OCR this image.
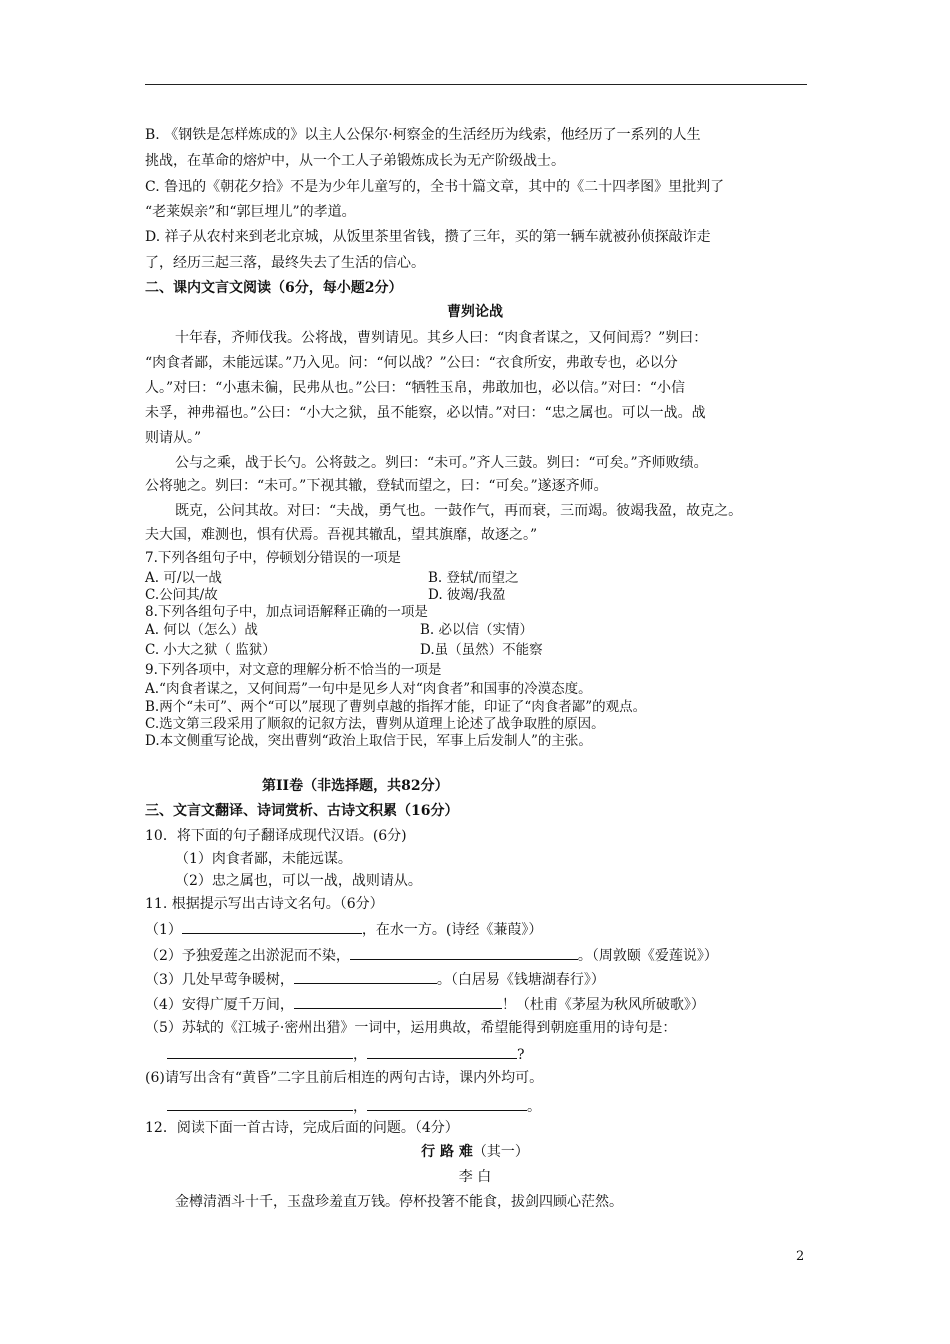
B. 《钢铁是怎样炼成的》以主人公保尔·柯察金的生活经历为线索，他经历了一系列的人生
挑战，在革命的熔炉中，从一个工人子弟锻炼成长为无产阶级战士。
C. 鲁迅的《朝花夕拾》不是为少年儿童写的，全书十篇文章，其中的《二十四孝图》里批判了
“老莱娱亲”和“郭巨埋儿”的孝道。
D. 祥子从农村来到老北京城，从饭里茶里省钱，攒了三年，买的第一辆车就被孙侦探敲诈走
了，经历三起三落，最终失去了生活的信心。
二、课内文言文阅读（6分，每小题2分）
曹刿论战
十年春，齐师伐我。公将战，曹刿请见。其乡人曰：“肉食者谋之，又何间焉？”刿曰：
“肉食者鄙，未能远谋。”乃入见。问：“何以战？”公曰：“衣食所安，弗敢专也，必以分
人。”对曰：“小惠未徧，民弗从也。”公曰：“牺牲玉帛，弗敢加也，必以信。”对曰：“小信
未孚，神弗福也。”公曰：“小大之狱，虽不能察，必以情。”对曰：“忠之属也。可以一战。战
则请从。”
公与之乘，战于长勺。公将鼓之。刿曰：“未可。”齐人三鼓。刿曰：“可矣。”齐师败绩。
公将驰之。刿曰：“未可。”下视其辙，登轼而望之，曰：“可矣。”遂逐齐师。
既克，公问其故。对曰：“夫战，勇气也。一鼓作气，再而衰，三而竭。彼竭我盈，故克之。
夫大国，难测也，惧有伏焉。吾视其辙乱，望其旗靡，故逐之。”
7.下列各组句子中，停顿划分错误的一项是
A. 可/以一战	B. 登轼/而望之
C.公问其/故	D. 彼竭/我盈
8.下列各组句子中，加点词语解释正确的一项是
A. 何以（怎么）战	B. 必以信（实情）
C. 小大之狱（ 监狱）	D.虽（虽然）不能察
9.下列各项中，对文意的理解分析不恰当的一项是
A.“肉食者谋之，又何间焉”一句中是见乡人对“肉食者”和国事的冷漠态度。
B.两个“未可”、两个“可以”展现了曹刿卓越的指挥才能，印证了“肉食者鄙”的观点。
C.选文第三段采用了顺叙的记叙方法，曹刿从道理上论述了战争取胜的原因。
D.本文侧重写论战，突出曹刿“政治上取信于民，军事上后发制人”的主张。
第II卷（非选择题，共82分）
三、文言文翻译、诗词赏析、古诗文积累（16分）
10．将下面的句子翻译成现代汉语。(6分)
（1）肉食者鄙，未能远谋。
（2）忠之属也，可以一战，战则请从。
11. 根据提示写出古诗文名句。（6分）
（1）	，在水一方。(诗经《蒹葭》）
（2）予独爱莲之出淤泥而不染，	。（周敦颐《爱莲说》）
（3）几处早莺争暖树，	。（白居易《钱塘湖春行》）
（4）安得广厦千万间，	！（杜甫《茅屋为秋风所破歌》）
（5）苏轼的《江城子·密州出猎》一词中，运用典故，希望能得到朝庭重用的诗句是：
，	?
(6)请写出含有“黄昏”二字且前后相连的两句古诗，课内外均可。
，	。
12．阅读下面一首古诗，完成后面的问题。（4分）
行 路 难（其一）
李 白
金樽清酒斗十千，玉盘珍羞直万钱。停杯投箸不能食，拔剑四顾心茫然。
2
